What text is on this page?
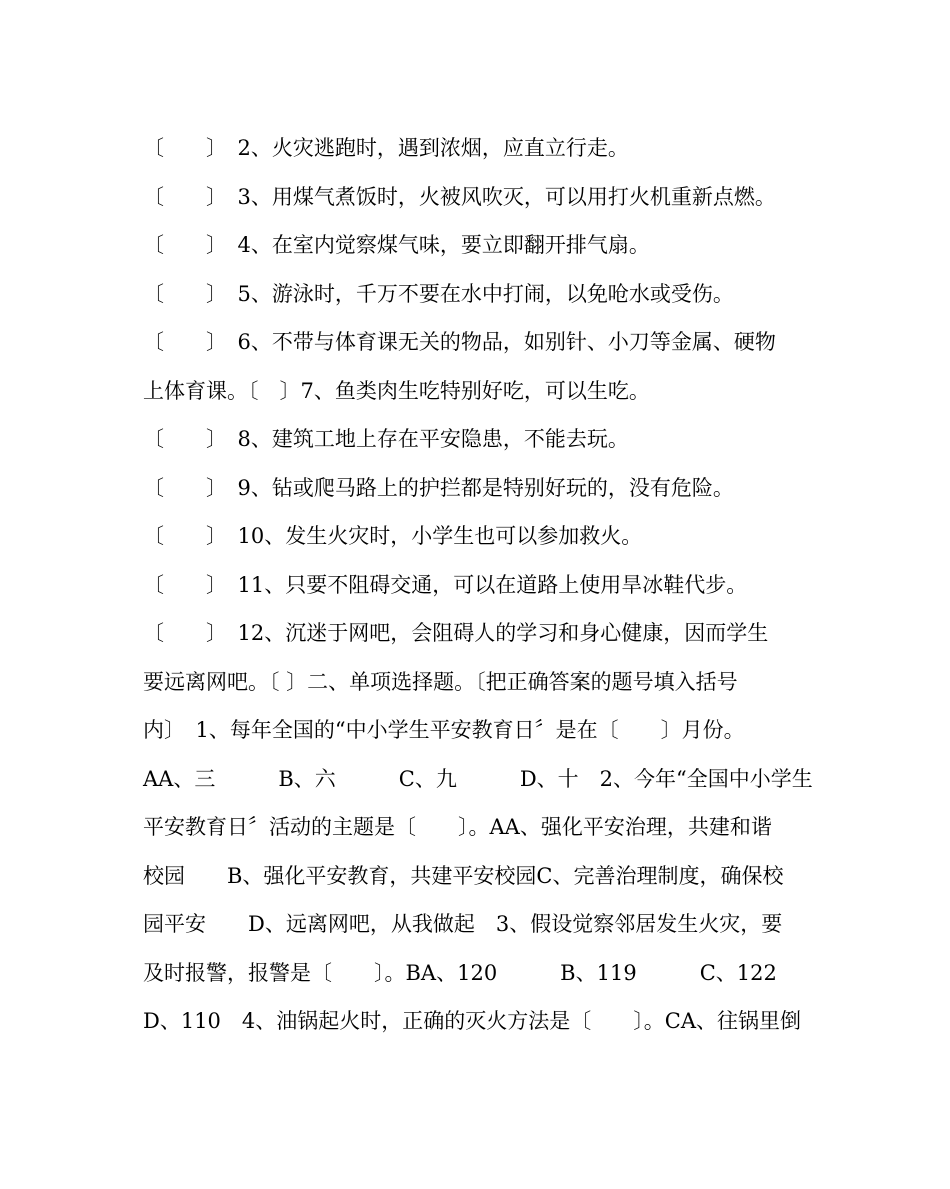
〔　　〕　2、火灾逃跑时，遇到浓烟，应直立行走。
〔　　〕　3、用煤气煮饭时，火被风吹灭，可以用打火机重新点燃。
〔　　〕　4、在室内觉察煤气味，要立即翻开排气扇。
〔　　〕　5、游泳时，千万不要在水中打闹，以免呛水或受伤。
〔　　〕　6、不带与体育课无关的物品，如别针、小刀等金属、硬物
上体育课。〔　〕7、鱼类肉生吃特别好吃，可以生吃。
〔　　〕　8、建筑工地上存在平安隐患，不能去玩。
〔　　〕　9、钻或爬马路上的护拦都是特别好玩的，没有危险。
〔　　〕　10、发生火灾时，小学生也可以参加救火。
〔　　〕　11、只要不阻碍交通，可以在道路上使用旱冰鞋代步。
〔　　〕　12、沉迷于网吧，会阻碍人的学习和身心健康，因而学生
要远离网吧。〔 〕二、单项选择题。〔把正确答案的题号填入括号
内〕　1、每年全国的“中小学生平安教育日〞是在〔　　〕月份。
AA、三　　　B、六　　　C、九　　　D、十　2、今年“全国中小学生
平安教育日〞活动的主题是〔　　〕。AA、强化平安治理，共建和谐
校园　　B、强化平安教育，共建平安校园C、完善治理制度，确保校
园平安　　D、远离网吧，从我做起　3、假设觉察邻居发生火灾，要
及时报警，报警是〔　　〕。BA、120　　　B、119　　　C、122
D、110　4、油锅起火时，正确的灭火方法是〔　　〕。CA、往锅里倒
